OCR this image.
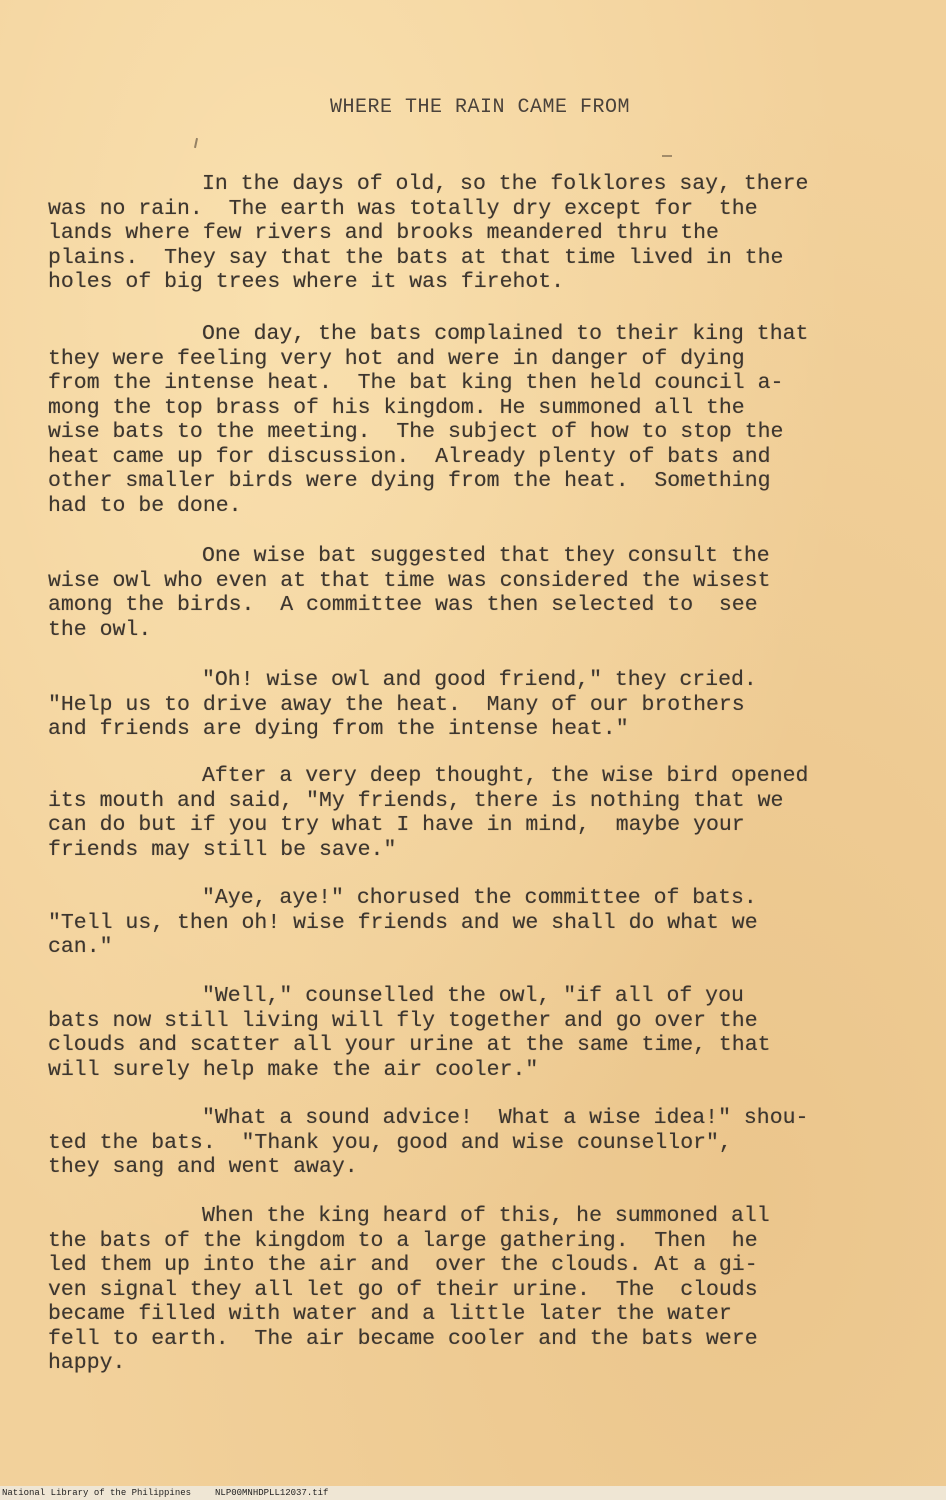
WHERE THE RAIN CAME FROM
In the days of old, so the folklores say, there
was no rain.  The earth was totally dry except for  the
lands where few rivers and brooks meandered thru the
plains.  They say that the bats at that time lived in the
holes of big trees where it was firehot.
One day, the bats complained to their king that
they were feeling very hot and were in danger of dying
from the intense heat.  The bat king then held council a-
mong the top brass of his kingdom. He summoned all the
wise bats to the meeting.  The subject of how to stop the
heat came up for discussion.  Already plenty of bats and
other smaller birds were dying from the heat.  Something
had to be done.
One wise bat suggested that they consult the
wise owl who even at that time was considered the wisest
among the birds.  A committee was then selected to  see
the owl.
"Oh! wise owl and good friend," they cried.
"Help us to drive away the heat.  Many of our brothers
and friends are dying from the intense heat."
After a very deep thought, the wise bird opened
its mouth and said, "My friends, there is nothing that we
can do but if you try what I have in mind,  maybe your
friends may still be save."
"Aye, aye!" chorused the committee of bats.
"Tell us, then oh! wise friends and we shall do what we
can."
"Well," counselled the owl, "if all of you
bats now still living will fly together and go over the
clouds and scatter all your urine at the same time, that
will surely help make the air cooler."
"What a sound advice!  What a wise idea!" shou-
ted the bats.  "Thank you, good and wise counsellor",
they sang and went away.
When the king heard of this, he summoned all
the bats of the kingdom to a large gathering.  Then  he
led them up into the air and  over the clouds. At a gi-
ven signal they all let go of their urine.  The  clouds
became filled with water and a little later the water
fell to earth.  The air became cooler and the bats were
happy.
National Library of the Philippines	NLP00MNHDPLL12037.tif
